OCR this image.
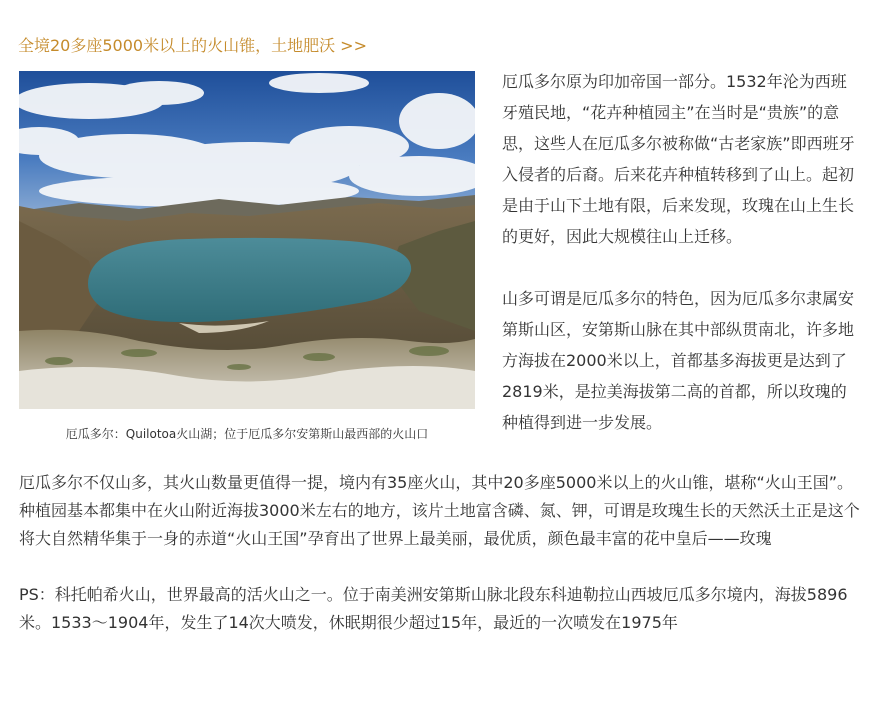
全境20多座5000米以上的火山锥，土地肥沃 >>
厄瓜多尔：Quilotoa火山湖；位于厄瓜多尔安第斯山最西部的火山口

厄瓜多尔原为印加帝国一部分。1532年沦为西班牙殖民地，“花卉种植园主”在当时是“贵族”的意思，这些人在厄瓜多尔被称做“古老家族”即西班牙入侵者的后裔。后来花卉种植转移到了山上。起初是由于山下土地有限，后来发现，玫瑰在山上生长的更好，因此大规模往山上迁移。

山多可谓是厄瓜多尔的特色，因为厄瓜多尔隶属安第斯山区，安第斯山脉在其中部纵贯南北，许多地方海拔在2000米以上，首都基多海拔更是达到了2819米，是拉美海拔第二高的首都，所以玫瑰的种植得到进一步发展。

厄瓜多尔不仅山多，其火山数量更值得一提，境内有35座火山，其中20多座5000米以上的火山锥，堪称“火山王国”。种植园基本都集中在火山附近海拔3000米左右的地方，该片土地富含磷、氮、钾，可谓是玫瑰生长的天然沃土正是这个将大自然精华集于一身的赤道“火山王国”孕育出了世界上最美丽，最优质，颜色最丰富的花中皇后——玫瑰

PS：科托帕希火山，世界最高的活火山之一。位于南美洲安第斯山脉北段东科迪勒拉山西坡厄瓜多尔境内，海拔5896米。1533～1904年，发生了14次大喷发，休眠期很少超过15年，最近的一次喷发在1975年
